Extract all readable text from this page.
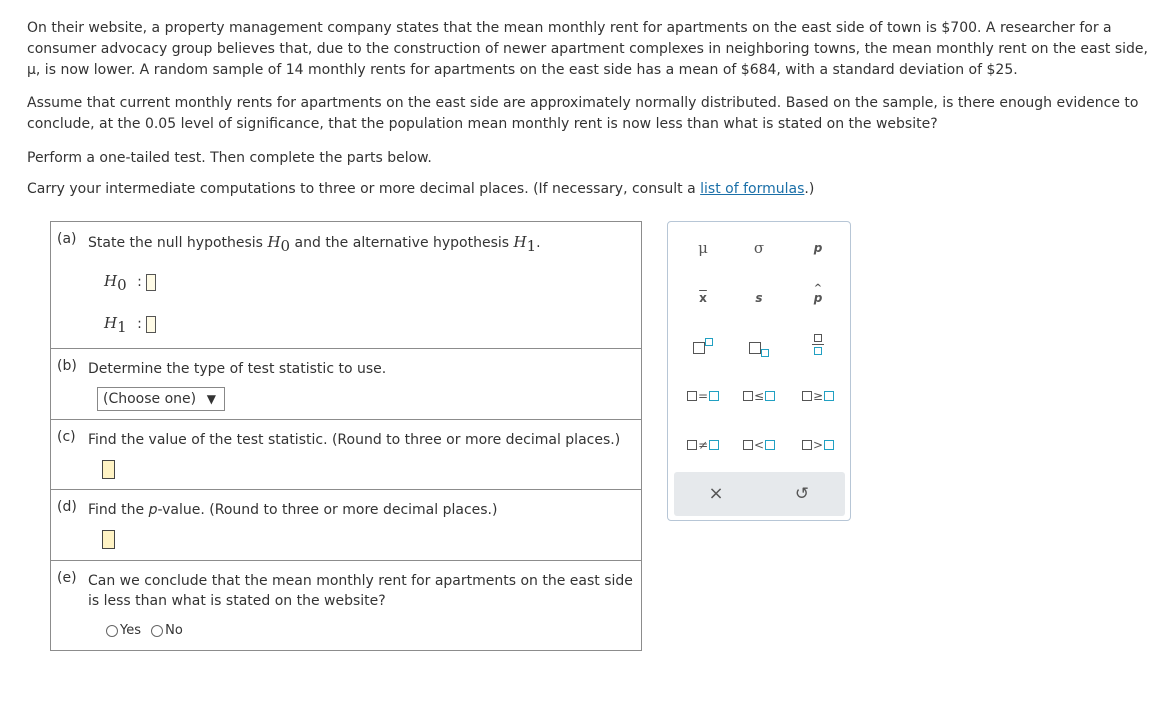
On their website, a property management company states that the mean monthly rent for apartments on the east side of town is $700. A researcher for a consumer advocacy group believes that, due to the construction of newer apartment complexes in neighboring towns, the mean monthly rent on the east side, μ, is now lower. A random sample of 14 monthly rents for apartments on the east side has a mean of $684, with a standard deviation of $25.
Assume that current monthly rents for apartments on the east side are approximately normally distributed. Based on the sample, is there enough evidence to conclude, at the 0.05 level of significance, that the population mean monthly rent is now less than what is stated on the website?
Perform a one-tailed test. Then complete the parts below.
Carry your intermediate computations to three or more decimal places. (If necessary, consult a list of formulas.)
(a) State the null hypothesis $H_0$ and the alternative hypothesis $H_1$.
$H_0$ :
$H_1$ :
(b) Determine the type of test statistic to use.
(Choose one) ▼
(c) Find the value of the test statistic. (Round to three or more decimal places.)
(d) Find the p-value. (Round to three or more decimal places.)
(e) Can we conclude that the mean monthly rent for apartments on the east side is less than what is stated on the website?
Yes No
μ	σ	p
$\overline{x}$	s
^
p
=	≤	≥
≠	<	>
×	↺
